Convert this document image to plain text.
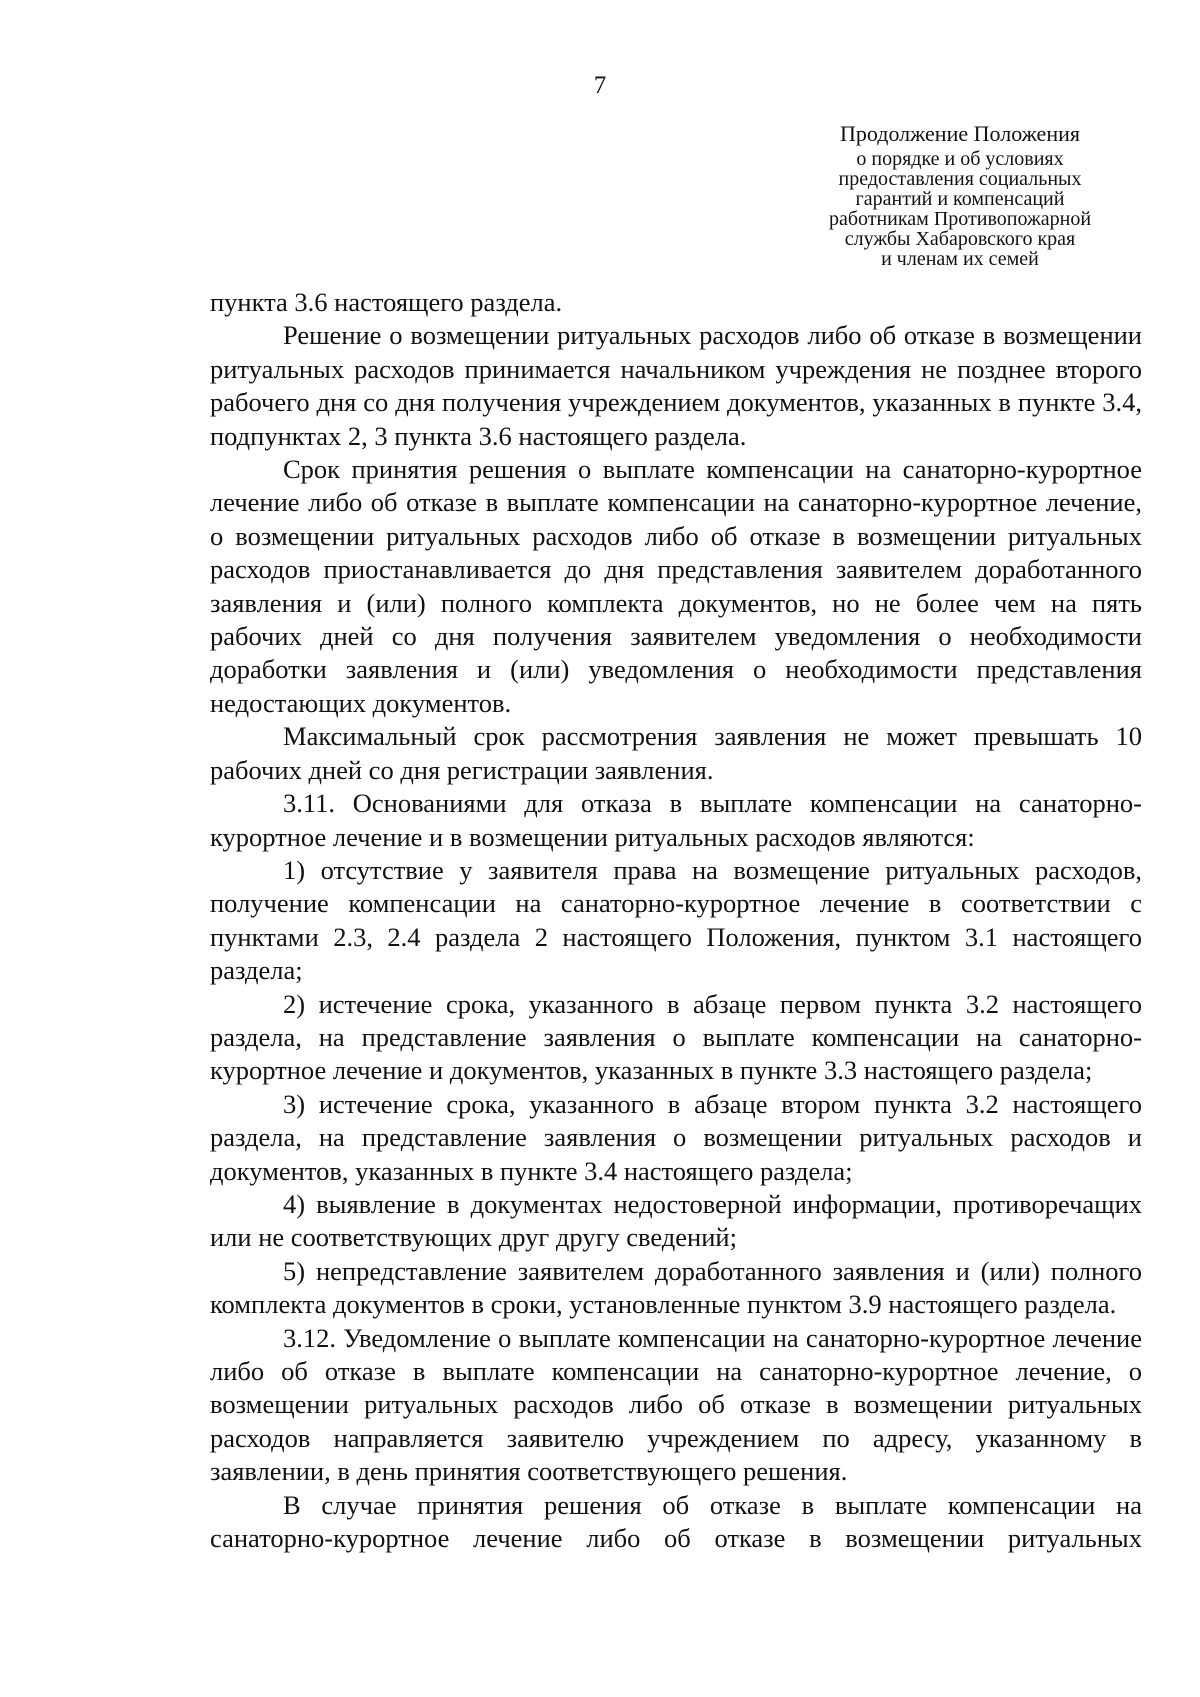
7
Продолжение Положения
о порядке и об условиях
предоставления социальных
гарантий и компенсаций
работникам Противопожарной
службы Хабаровского края
и членам их семей

пункта 3.6 настоящего раздела.

Решение о возмещении ритуальных расходов либо об отказе в возмещении ритуальных расходов принимается начальником учреждения не позднее второго рабочего дня со дня получения учреждением документов, указанных в пункте 3.4, подпунктах 2, 3 пункта 3.6 настоящего раздела.

Срок принятия решения о выплате компенсации на санаторно-курортное лечение либо об отказе в выплате компенсации на санаторно-курортное лечение, о возмещении ритуальных расходов либо об отказе в возмещении ритуальных расходов приостанавливается до дня представления заявителем доработанного заявления и (или) полного комплекта документов, но не более чем на пять рабочих дней со дня получения заявителем уведомления о необходимости доработки заявления и (или) уведомления о необходимости представления недостающих документов.

Максимальный срок рассмотрения заявления не может превышать 10 рабочих дней со дня регистрации заявления.

3.11. Основаниями для отказа в выплате компенсации на санаторно-курортное лечение и в возмещении ритуальных расходов являются:

1) отсутствие у заявителя права на возмещение ритуальных расходов, получение компенсации на санаторно-курортное лечение в соответствии с пунктами 2.3, 2.4 раздела 2 настоящего Положения, пунктом 3.1 настоящего раздела;

2) истечение срока, указанного в абзаце первом пункта 3.2 настоящего раздела, на представление заявления о выплате компенсации на санаторно-курортное лечение и документов, указанных в пункте 3.3 настоящего раздела;

3) истечение срока, указанного в абзаце втором пункта 3.2 настоящего раздела, на представление заявления о возмещении ритуальных расходов и документов, указанных в пункте 3.4 настоящего раздела;

4) выявление в документах недостоверной информации, противоречащих или не соответствующих друг другу сведений;

5) непредставление заявителем доработанного заявления и (или) полного комплекта документов в сроки, установленные пунктом 3.9 настоящего раздела.

3.12. Уведомление о выплате компенсации на санаторно-курортное лечение либо об отказе в выплате компенсации на санаторно-курортное лечение, о возмещении ритуальных расходов либо об отказе в возмещении ритуальных расходов направляется заявителю учреждением по адресу, указанному в заявлении, в день принятия соответствующего решения.

В случае принятия решения об отказе в выплате компенсации на санаторно-курортное лечение либо об отказе в возмещении ритуальных
